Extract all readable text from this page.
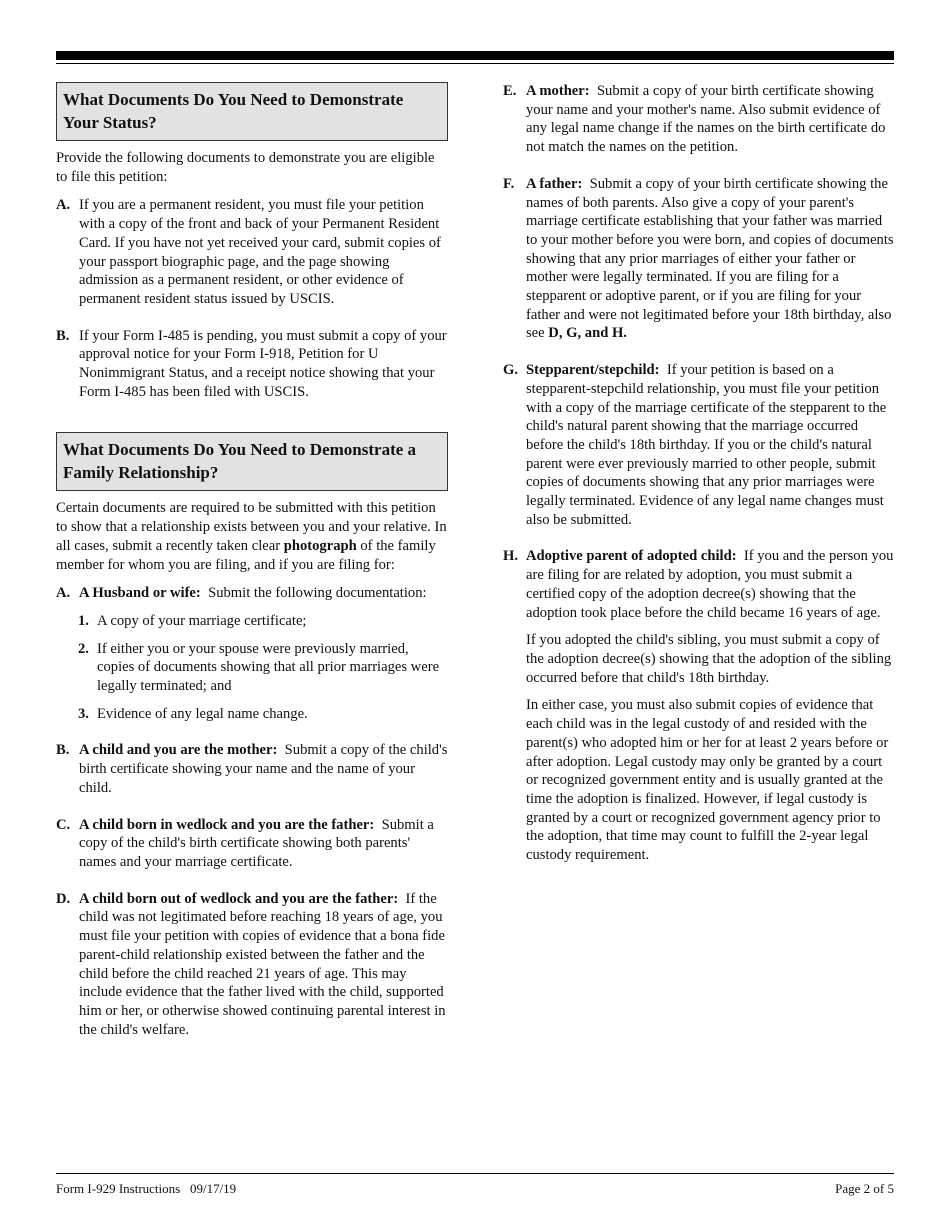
What Documents Do You Need to Demonstrate Your Status?

Provide the following documents to demonstrate you are eligible to file this petition:

A. If you are a permanent resident, you must file your petition with a copy of the front and back of your Permanent Resident Card. If you have not yet received your card, submit copies of your passport biographic page, and the page showing admission as a permanent resident, or other evidence of permanent resident status issued by USCIS.
B. If your Form I-485 is pending, you must submit a copy of your approval notice for your Form I-918, Petition for U Nonimmigrant Status, and a receipt notice showing that your Form I-485 has been filed with USCIS.
What Documents Do You Need to Demonstrate a Family Relationship?

Certain documents are required to be submitted with this petition to show that a relationship exists between you and your relative. In all cases, submit a recently taken clear photograph of the family member for whom you are filing, and if you are filing for:

A. A Husband or wife: Submit the following documentation:
1. A copy of your marriage certificate;
2. If either you or your spouse were previously married, copies of documents showing that all prior marriages were legally terminated; and
3. Evidence of any legal name change.
B. A child and you are the mother: Submit a copy of the child's birth certificate showing your name and the name of your child.
C. A child born in wedlock and you are the father: Submit a copy of the child's birth certificate showing both parents' names and your marriage certificate.
D. A child born out of wedlock and you are the father: If the child was not legitimated before reaching 18 years of age, you must file your petition with copies of evidence that a bona fide parent-child relationship existed between the father and the child before the child reached 21 years of age. This may include evidence that the father lived with the child, supported him or her, or otherwise showed continuing parental interest in the child's welfare.
E. A mother: Submit a copy of your birth certificate showing your name and your mother's name. Also submit evidence of any legal name change if the names on the birth certificate do not match the names on the petition.
F. A father: Submit a copy of your birth certificate showing the names of both parents. Also give a copy of your parent's marriage certificate establishing that your father was married to your mother before you were born, and copies of documents showing that any prior marriages of either your father or mother were legally terminated. If you are filing for a stepparent or adoptive parent, or if you are filing for your father and were not legitimated before your 18th birthday, also see D, G, and H.
G. Stepparent/stepchild: If your petition is based on a stepparent-stepchild relationship, you must file your petition with a copy of the marriage certificate of the stepparent to the child's natural parent showing that the marriage occurred before the child's 18th birthday. If you or the child's natural parent were ever previously married to other people, submit copies of documents showing that any prior marriages were legally terminated. Evidence of any legal name changes must also be submitted.
H. Adoptive parent of adopted child: If you and the person you are filing for are related by adoption, you must submit a certified copy of the adoption decree(s) showing that the adoption took place before the child became 16 years of age.

If you adopted the child's sibling, you must submit a copy of the adoption decree(s) showing that the adoption of the sibling occurred before that child's 18th birthday.

In either case, you must also submit copies of evidence that each child was in the legal custody of and resided with the parent(s) who adopted him or her for at least 2 years before or after adoption. Legal custody may only be granted by a court or recognized government entity and is usually granted at the time the adoption is finalized. However, if legal custody is granted by a court or recognized government agency prior to the adoption, that time may count to fulfill the 2-year legal custody requirement.

Form I-929 Instructions   09/17/19	Page 2 of 5
